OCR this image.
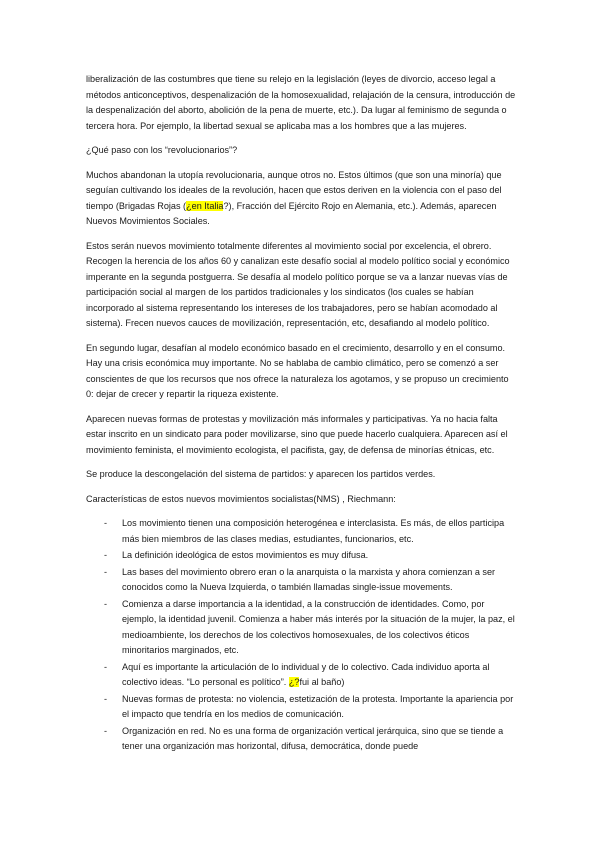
liberalización de las costumbres que tiene su relejo en la legislación (leyes de divorcio, acceso legal a métodos anticonceptivos, despenalización de la homosexualidad, relajación de la censura, introducción de la despenalización del aborto, abolición de la pena de muerte, etc.). Da lugar al feminismo de segunda o tercera hora. Por ejemplo, la libertad sexual se aplicaba mas a los hombres que a las mujeres.

¿Qué paso con los “revolucionarios”?

Muchos abandonan la utopía revolucionaria, aunque otros no. Estos últimos (que son una minoría) que seguían cultivando los ideales de la revolución, hacen que estos deriven en la violencia con el paso del tiempo (Brigadas Rojas (¿en Italia?), Fracción del Ejército Rojo en Alemania, etc.). Además, aparecen Nuevos Movimientos Sociales.

Estos serán nuevos movimiento totalmente diferentes al movimiento social por excelencia, el obrero. Recogen la herencia de los años 60 y canalizan este desafío social al modelo político social y económico imperante en la segunda postguerra. Se desafía al modelo político porque se va a lanzar nuevas vías de participación social al margen de los partidos tradicionales y los sindicatos (los cuales se habían incorporado al sistema representando los intereses de los trabajadores, pero se habían acomodado al sistema). Frecen nuevos cauces de movilización, representación, etc, desafiando al modelo político.

En segundo lugar, desafían al modelo económico basado en el crecimiento, desarrollo y en el consumo. Hay una crisis económica muy importante. No se hablaba de cambio climático, pero se comenzó a ser conscientes de que los recursos que nos ofrece la naturaleza los agotamos, y se propuso un crecimiento 0: dejar de crecer y repartir la riqueza existente.

Aparecen nuevas formas de protestas y movilización más informales y participativas. Ya no hacia falta estar inscrito en un sindicato para poder movilizarse, sino que puede hacerlo cualquiera. Aparecen así el movimiento feminista, el movimiento ecologista, el pacifista, gay, de defensa de minorías étnicas, etc.

Se produce la descongelación del sistema de partidos: y aparecen los partidos verdes.

Características de estos nuevos movimientos socialistas(NMS) , Riechmann:

- Los movimiento tienen una composición heterogénea e interclasista. Es más, de ellos participa más bien miembros de las clases medias, estudiantes, funcionarios, etc.
- La definición ideológica de estos movimientos es muy difusa.
- Las bases del movimiento obrero eran o la anarquista o la marxista y ahora comienzan a ser conocidos como la Nueva Izquierda, o también llamadas single-issue movements.
- Comienza a darse importancia a la identidad, a la construcción de identidades. Como, por ejemplo, la identidad juvenil. Comienza a haber más interés por la situación de la mujer, la paz, el medioambiente, los derechos de los colectivos homosexuales, de los colectivos éticos minoritarios marginados, etc.
- Aquí es importante la articulación de lo individual y de lo colectivo. Cada individuo aporta al colectivo ideas. “Lo personal es político”. ¿?fui al baño)
- Nuevas formas de protesta: no violencia, estetización de la protesta. Importante la apariencia por el impacto que tendría en los medios de comunicación.
- Organización en red. No es una forma de organización vertical jerárquica, sino que se tiende a tener una organización mas horizontal, difusa, democrática, donde puede
